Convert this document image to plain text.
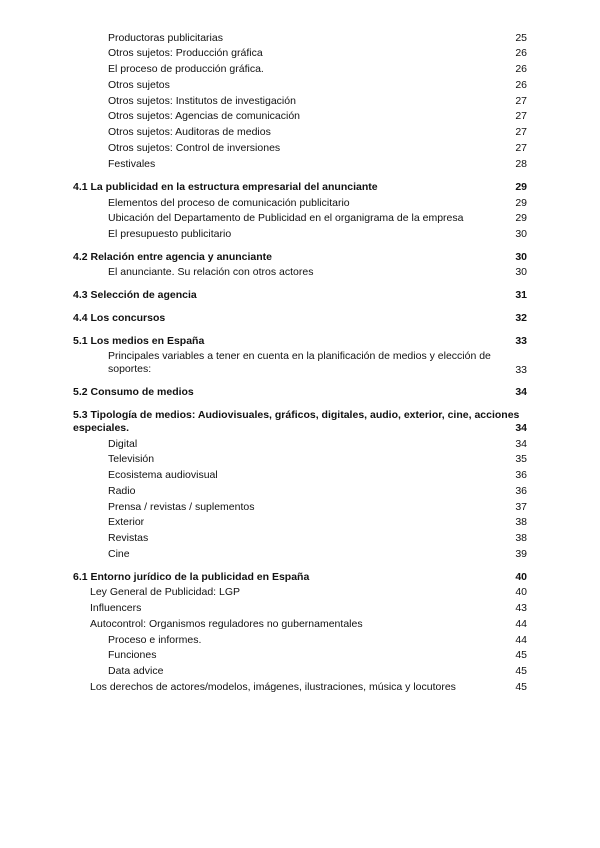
Productoras publicitarias	25
Otros sujetos: Producción gráfica	26
El proceso de producción gráfica.	26
Otros sujetos	26
Otros sujetos: Institutos de investigación	27
Otros sujetos: Agencias de comunicación	27
Otros sujetos: Auditoras de medios	27
Otros sujetos: Control de inversiones	27
Festivales	28
4.1 La publicidad en la estructura empresarial del anunciante	29
Elementos del proceso de comunicación publicitario	29
Ubicación del Departamento de Publicidad en el organigrama de la empresa	29
El presupuesto publicitario	30
4.2 Relación entre agencia y anunciante	30
El anunciante. Su relación con otros actores	30
4.3 Selección de agencia	31
4.4 Los concursos	32
5.1 Los medios en España	33
Principales variables a tener en cuenta en la planificación de medios y elección de soportes:	33
5.2 Consumo de medios	34
5.3 Tipología de medios: Audiovisuales, gráficos, digitales, audio, exterior, cine, acciones especiales.	34
Digital	34
Televisión	35
Ecosistema audiovisual	36
Radio	36
Prensa / revistas / suplementos	37
Exterior	38
Revistas	38
Cine	39
6.1 Entorno jurídico de la publicidad en España	40
Ley General de Publicidad: LGP	40
Influencers	43
Autocontrol: Organismos reguladores no gubernamentales	44
Proceso e informes.	44
Funciones	45
Data advice	45
Los derechos de actores/modelos, imágenes, ilustraciones, música y locutores	45
